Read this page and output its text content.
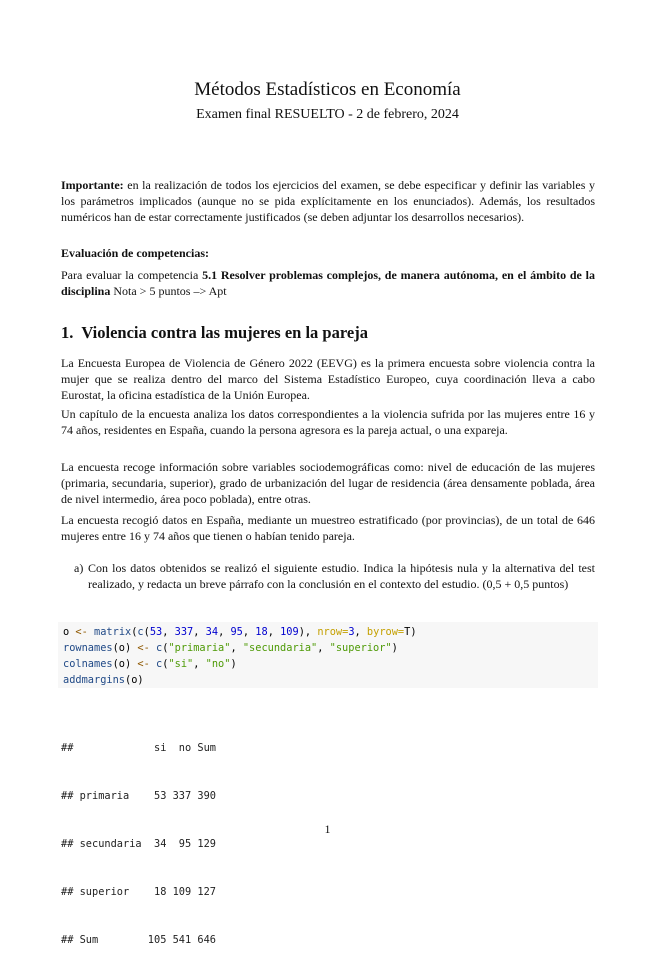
Métodos Estadísticos en Economía
Examen final RESUELTO - 2 de febrero, 2024
Importante: en la realización de todos los ejercicios del examen, se debe especificar y definir las variables y los parámetros implicados (aunque no se pida explícitamente en los enunciados). Además, los resultados numéricos han de estar correctamente justificados (se deben adjuntar los desarrollos necesarios).
Evaluación de competencias:
Para evaluar la competencia 5.1 Resolver problemas complejos, de manera autónoma, en el ámbito de la disciplina Nota > 5 puntos –> Apt
1. Violencia contra las mujeres en la pareja
La Encuesta Europea de Violencia de Género 2022 (EEVG) es la primera encuesta sobre violencia contra la mujer que se realiza dentro del marco del Sistema Estadístico Europeo, cuya coordinación lleva a cabo Eurostat, la oficina estadística de la Unión Europea.
Un capítulo de la encuesta analiza los datos correspondientes a la violencia sufrida por las mujeres entre 16 y 74 años, residentes en España, cuando la persona agresora es la pareja actual, o una expareja.
La encuesta recoge información sobre variables sociodemográficas como: nivel de educación de las mujeres (primaria, secundaria, superior), grado de urbanización del lugar de residencia (área densamente poblada, área de nivel intermedio, área poco poblada), entre otras.
La encuesta recogió datos en España, mediante un muestreo estratificado (por provincias), de un total de 646 mujeres entre 16 y 74 años que tienen o habían tenido pareja.
a) Con los datos obtenidos se realizó el siguiente estudio. Indica la hipótesis nula y la alternativa del test realizado, y redacta un breve párrafo con la conclusión en el contexto del estudio. (0,5 + 0,5 puntos)

o <- matrix(c(53, 337, 34, 95, 18, 109), nrow=3, byrow=T)

rownames(o) <- c("primaria", "secundaria", "superior")

colnames(o) <- c("si", "no")

addmargins(o)

##             si  no Sum

## primaria    53 337 390

## secundaria  34  95 129

## superior    18 109 127

## Sum        105 541 646

1
